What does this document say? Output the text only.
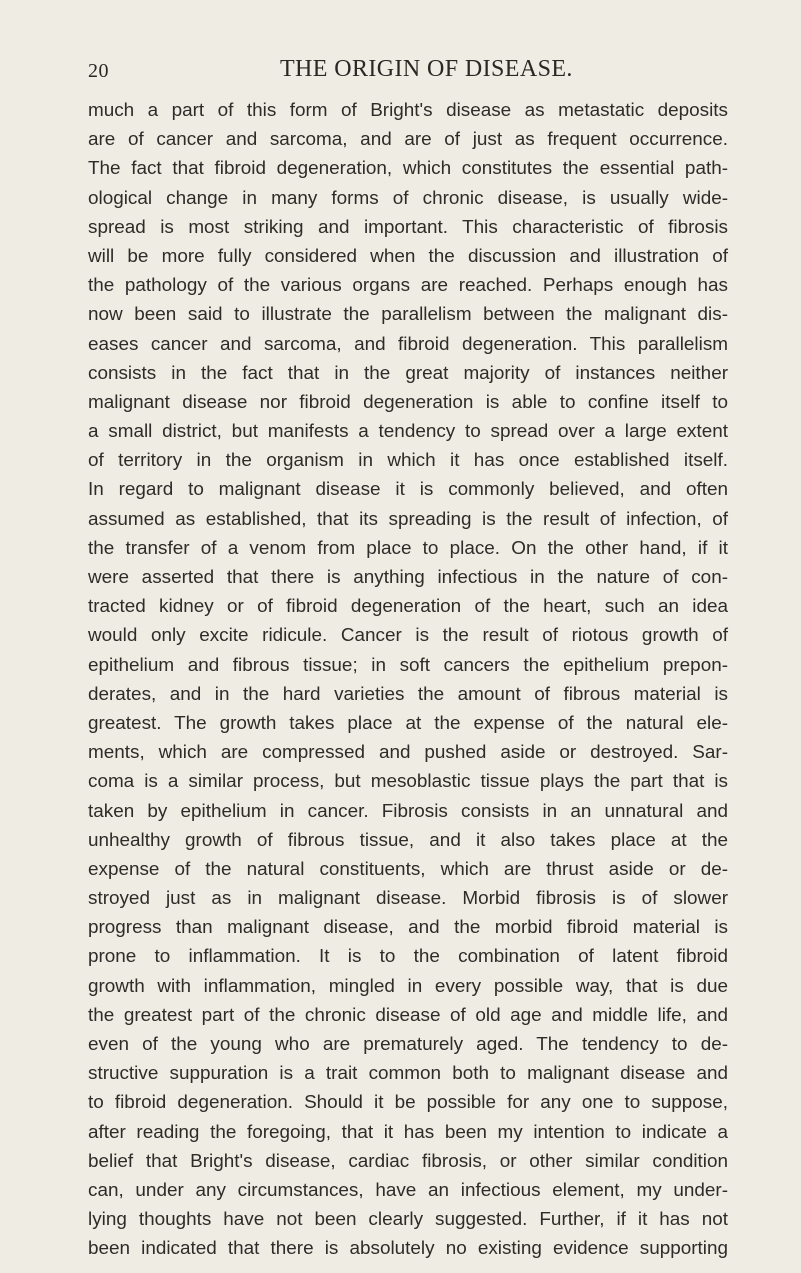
20	THE ORIGIN OF DISEASE.
much a part of this form of Bright's disease as metastatic deposits
are of cancer and sarcoma, and are of just as frequent occurrence.
The fact that fibroid degeneration, which constitutes the essential path-
ological change in many forms of chronic disease, is usually wide-
spread is most striking and important. This characteristic of fibrosis
will be more fully considered when the discussion and illustration of
the pathology of the various organs are reached. Perhaps enough has
now been said to illustrate the parallelism between the malignant dis-
eases cancer and sarcoma, and fibroid degeneration. This parallelism
consists in the fact that in the great majority of instances neither
malignant disease nor fibroid degeneration is able to confine itself to
a small district, but manifests a tendency to spread over a large extent
of territory in the organism in which it has once established itself.
In regard to malignant disease it is commonly believed, and often
assumed as established, that its spreading is the result of infection, of
the transfer of a venom from place to place. On the other hand, if it
were asserted that there is anything infectious in the nature of con-
tracted kidney or of fibroid degeneration of the heart, such an idea
would only excite ridicule. Cancer is the result of riotous growth of
epithelium and fibrous tissue; in soft cancers the epithelium prepon-
derates, and in the hard varieties the amount of fibrous material is
greatest. The growth takes place at the expense of the natural ele-
ments, which are compressed and pushed aside or destroyed. Sar-
coma is a similar process, but mesoblastic tissue plays the part that is
taken by epithelium in cancer. Fibrosis consists in an unnatural and
unhealthy growth of fibrous tissue, and it also takes place at the
expense of the natural constituents, which are thrust aside or de-
stroyed just as in malignant disease. Morbid fibrosis is of slower
progress than malignant disease, and the morbid fibroid material is
prone to inflammation. It is to the combination of latent fibroid
growth with inflammation, mingled in every possible way, that is due
the greatest part of the chronic disease of old age and middle life, and
even of the young who are prematurely aged. The tendency to de-
structive suppuration is a trait common both to malignant disease and
to fibroid degeneration. Should it be possible for any one to suppose,
after reading the foregoing, that it has been my intention to indicate a
belief that Bright's disease, cardiac fibrosis, or other similar condition
can, under any circumstances, have an infectious element, my under-
lying thoughts have not been clearly suggested. Further, if it has not
been indicated that there is absolutely no existing evidence supporting
